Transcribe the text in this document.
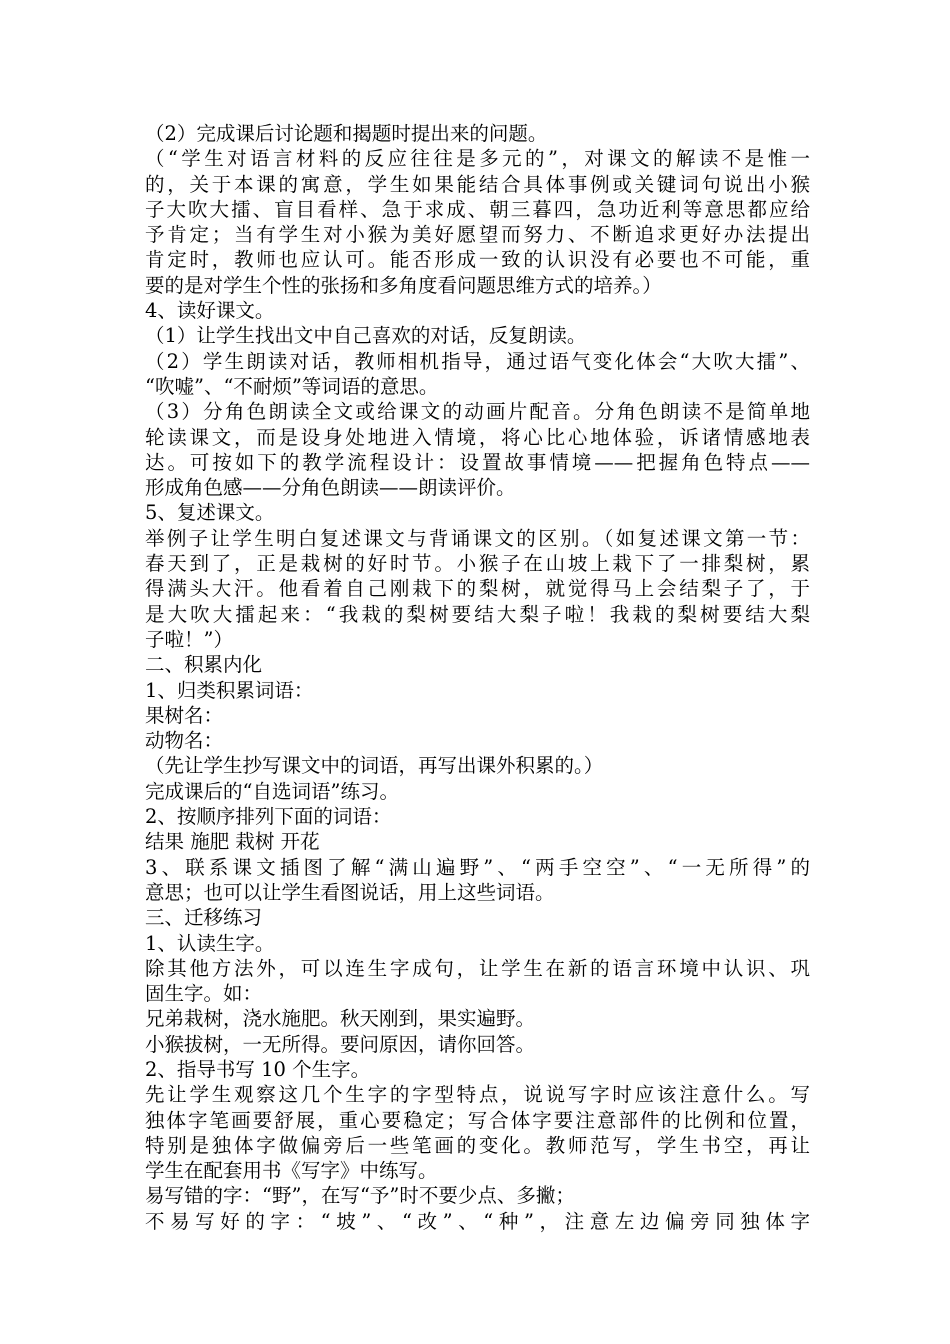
（2）完成课后讨论题和揭题时提出来的问题。
（“学生对语言材料的反应往往是多元的”，对课文的解读不是惟一
的，关于本课的寓意，学生如果能结合具体事例或关键词句说出小猴
子大吹大擂、盲目看样、急于求成、朝三暮四，急功近利等意思都应给
予肯定；当有学生对小猴为美好愿望而努力、不断追求更好办法提出
肯定时，教师也应认可。能否形成一致的认识没有必要也不可能，重
要的是对学生个性的张扬和多角度看问题思维方式的培养。）
4、读好课文。
（1）让学生找出文中自己喜欢的对话，反复朗读。
（2）学生朗读对话，教师相机指导，通过语气变化体会“大吹大擂”、
“吹嘘”、“不耐烦”等词语的意思。
（3）分角色朗读全文或给课文的动画片配音。分角色朗读不是简单地
轮读课文，而是设身处地进入情境，将心比心地体验，诉诸情感地表
达。可按如下的教学流程设计：设置故事情境——把握角色特点——
形成角色感——分角色朗读——朗读评价。
5、复述课文。
举例子让学生明白复述课文与背诵课文的区别。（如复述课文第一节：
春天到了，正是栽树的好时节。小猴子在山坡上栽下了一排梨树，累
得满头大汗。他看着自己刚栽下的梨树，就觉得马上会结梨子了，于
是大吹大擂起来：“我栽的梨树要结大梨子啦！我栽的梨树要结大梨
子啦！”）
二、积累内化
1、归类积累词语：
果树名：
动物名：
（先让学生抄写课文中的词语，再写出课外积累的。）
完成课后的“自选词语”练习。
2、按顺序排列下面的词语：
结果 施肥 栽树 开花
3、联系课文插图了解“满山遍野”、“两手空空”、“一无所得”的
意思；也可以让学生看图说话，用上这些词语。
三、迁移练习
1、认读生字。
除其他方法外，可以连生字成句，让学生在新的语言环境中认识、巩
固生字。如：
兄弟栽树，浇水施肥。秋天刚到，果实遍野。
小猴拔树，一无所得。要问原因，请你回答。
2、指导书写 10 个生字。
先让学生观察这几个生字的字型特点，说说写字时应该注意什么。写
独体字笔画要舒展，重心要稳定；写合体字要注意部件的比例和位置，
特别是独体字做偏旁后一些笔画的变化。教师范写，学生书空，再让
学生在配套用书《写字》中练写。
易写错的字：“野”，在写“予”时不要少点、多撇；
不易写好的字：“坡”、“改”、“种”，注意左边偏旁同独体字
